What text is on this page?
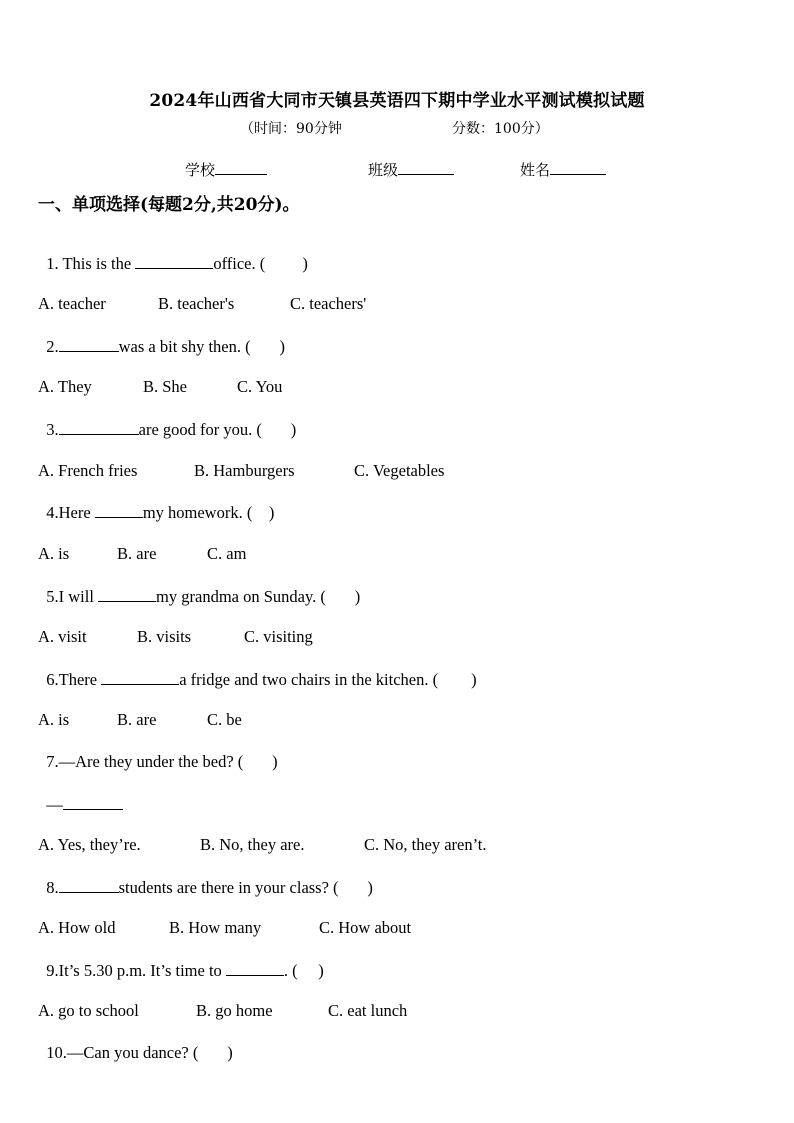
2024年山西省大同市天镇县英语四下期中学业水平测试模拟试题
（时间：90分钟	分数：100分）
学校	班级	姓名
一、单项选择(每题2分,共20分)。

1. This is the	office. (         )

A. teacher	B. teacher's	C. teachers'

2.	was a bit shy then. (       )

A. They	B. She	C. You

3.	are good for you. (       )

A. French fries	B. Hamburgers	C. Vegetables

4.Here	my homework. (    )

A. is	B. are	C. am

5.I will	my grandma on Sunday. (       )

A. visit	B. visits	C. visiting

6.There	a fridge and two chairs in the kitchen. (        )

A. is	B. are	C. be

7.—Are they under the bed? (       )

—

A. Yes, they’re.	B. No, they are.	C. No, they aren’t.

8.	students are there in your class? (       )

A. How old	B. How many	C. How about

9.It’s 5.30 p.m. It’s time to	. (     )

A. go to school	B. go home	C. eat lunch

10.—Can you dance? (       )
